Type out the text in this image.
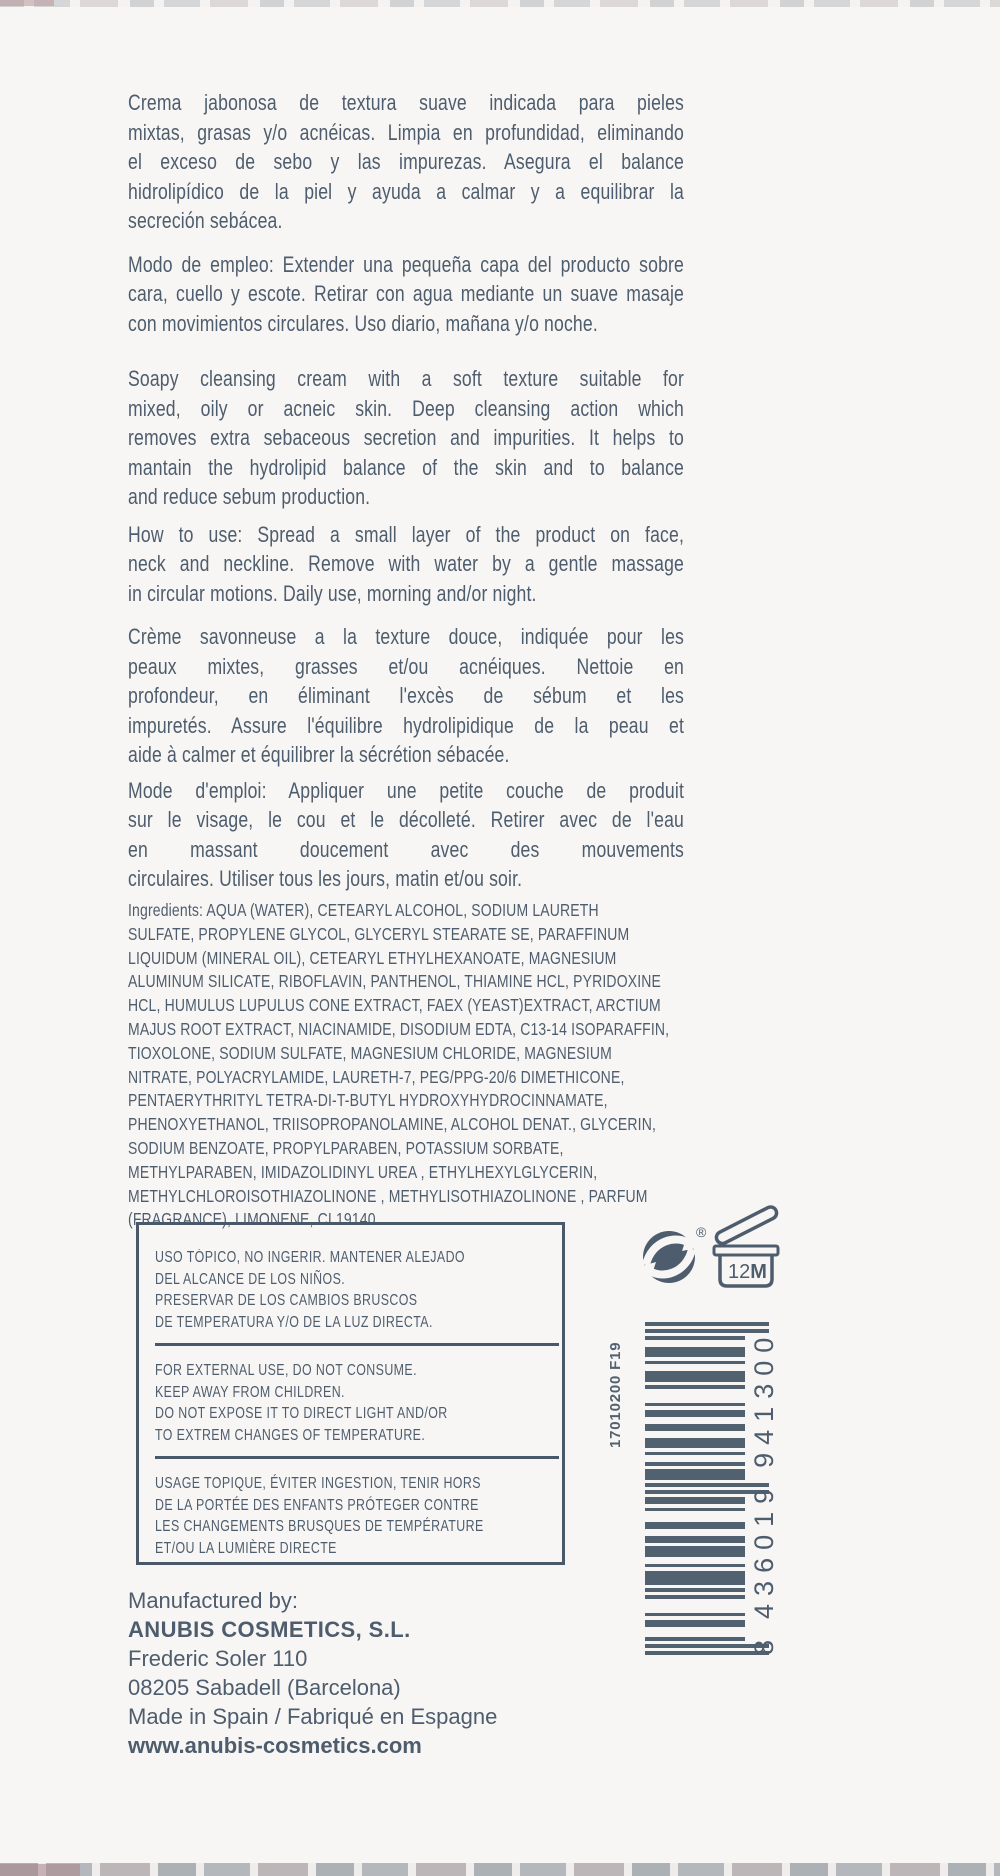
Crema jabonosa de textura suave indicada para pieles
mixtas, grasas y/o acnéicas. Limpia en profundidad, eliminando
el exceso de sebo y las impurezas. Asegura el balance
hidrolipídico de la piel y ayuda a calmar y a equilibrar la
secreción sebácea.
Modo de empleo: Extender una pequeña capa del producto sobre
cara, cuello y escote. Retirar con agua mediante un suave masaje
con movimientos circulares. Uso diario, mañana y/o noche.
Soapy cleansing cream with a soft texture suitable for
mixed, oily or acneic skin. Deep cleansing action which
removes extra sebaceous secretion and impurities. It helps to
mantain the hydrolipid balance of the skin and to balance
and reduce sebum production.
How to use: Spread a small layer of the product on face,
neck and neckline. Remove with water by a gentle massage
in circular motions. Daily use, morning and/or night.
Crème savonneuse a la texture douce, indiquée pour les
peaux mixtes, grasses et/ou acnéiques. Nettoie en
profondeur, en éliminant l'excès de sébum et les
impuretés. Assure l'équilibre hydrolipidique de la peau et
aide à calmer et équilibrer la sécrétion sébacée.
Mode d'emploi: Appliquer une petite couche de produit
sur le visage, le cou et le décolleté. Retirer avec de l'eau
en massant doucement avec des mouvements
circulaires. Utiliser tous les jours, matin et/ou soir.
Ingredients: AQUA (WATER), CETEARYL ALCOHOL, SODIUM LAURETH
SULFATE, PROPYLENE GLYCOL, GLYCERYL STEARATE SE, PARAFFINUM
LIQUIDUM (MINERAL OIL), CETEARYL ETHYLHEXANOATE, MAGNESIUM
ALUMINUM SILICATE, RIBOFLAVIN, PANTHENOL, THIAMINE HCL, PYRIDOXINE
HCL, HUMULUS LUPULUS CONE EXTRACT, FAEX (YEAST)EXTRACT, ARCTIUM
MAJUS ROOT EXTRACT, NIACINAMIDE, DISODIUM EDTA, C13-14 ISOPARAFFIN,
TIOXOLONE, SODIUM SULFATE, MAGNESIUM CHLORIDE, MAGNESIUM
NITRATE, POLYACRYLAMIDE, LAURETH-7, PEG/PPG-20/6 DIMETHICONE,
PENTAERYTHRITYL TETRA-DI-T-BUTYL HYDROXYHYDROCINNAMATE,
PHENOXYETHANOL, TRIISOPROPANOLAMINE, ALCOHOL DENAT., GLYCERIN,
SODIUM BENZOATE, PROPYLPARABEN, POTASSIUM SORBATE,
METHYLPARABEN, IMIDAZOLIDINYL UREA , ETHYLHEXYLGLYCERIN,
METHYLCHLOROISOTHIAZOLINONE , METHYLISOTHIAZOLINONE , PARFUM
(FRAGRANCE), LIMONENE, CI 19140.
USO TÓPICO, NO INGERIR. MANTENER ALEJADO
DEL ALCANCE DE LOS NIÑOS.
PRESERVAR DE LOS CAMBIOS BRUSCOS
DE TEMPERATURA Y/O DE LA LUZ DIRECTA.
FOR EXTERNAL USE, DO NOT CONSUME.
KEEP AWAY FROM CHILDREN.
DO NOT EXPOSE IT TO DIRECT LIGHT AND/OR
TO EXTREM CHANGES OF TEMPERATURE.
USAGE TOPIQUE, ÉVITER INGESTION, TENIR HORS
DE LA PORTÉE DES ENFANTS PRÓTEGER CONTRE
LES CHANGEMENTS BRUSQUES DE TEMPÉRATURE
ET/OU LA LUMIÈRE DIRECTE
Manufactured by:
ANUBIS COSMETICS, S.L.
Frederic Soler 110
08205 Sabadell (Barcelona)
Made in Spain / Fabriqué en Espagne
www.anubis-cosmetics.com
®
12M
17010200 F19
8
436019
941300
